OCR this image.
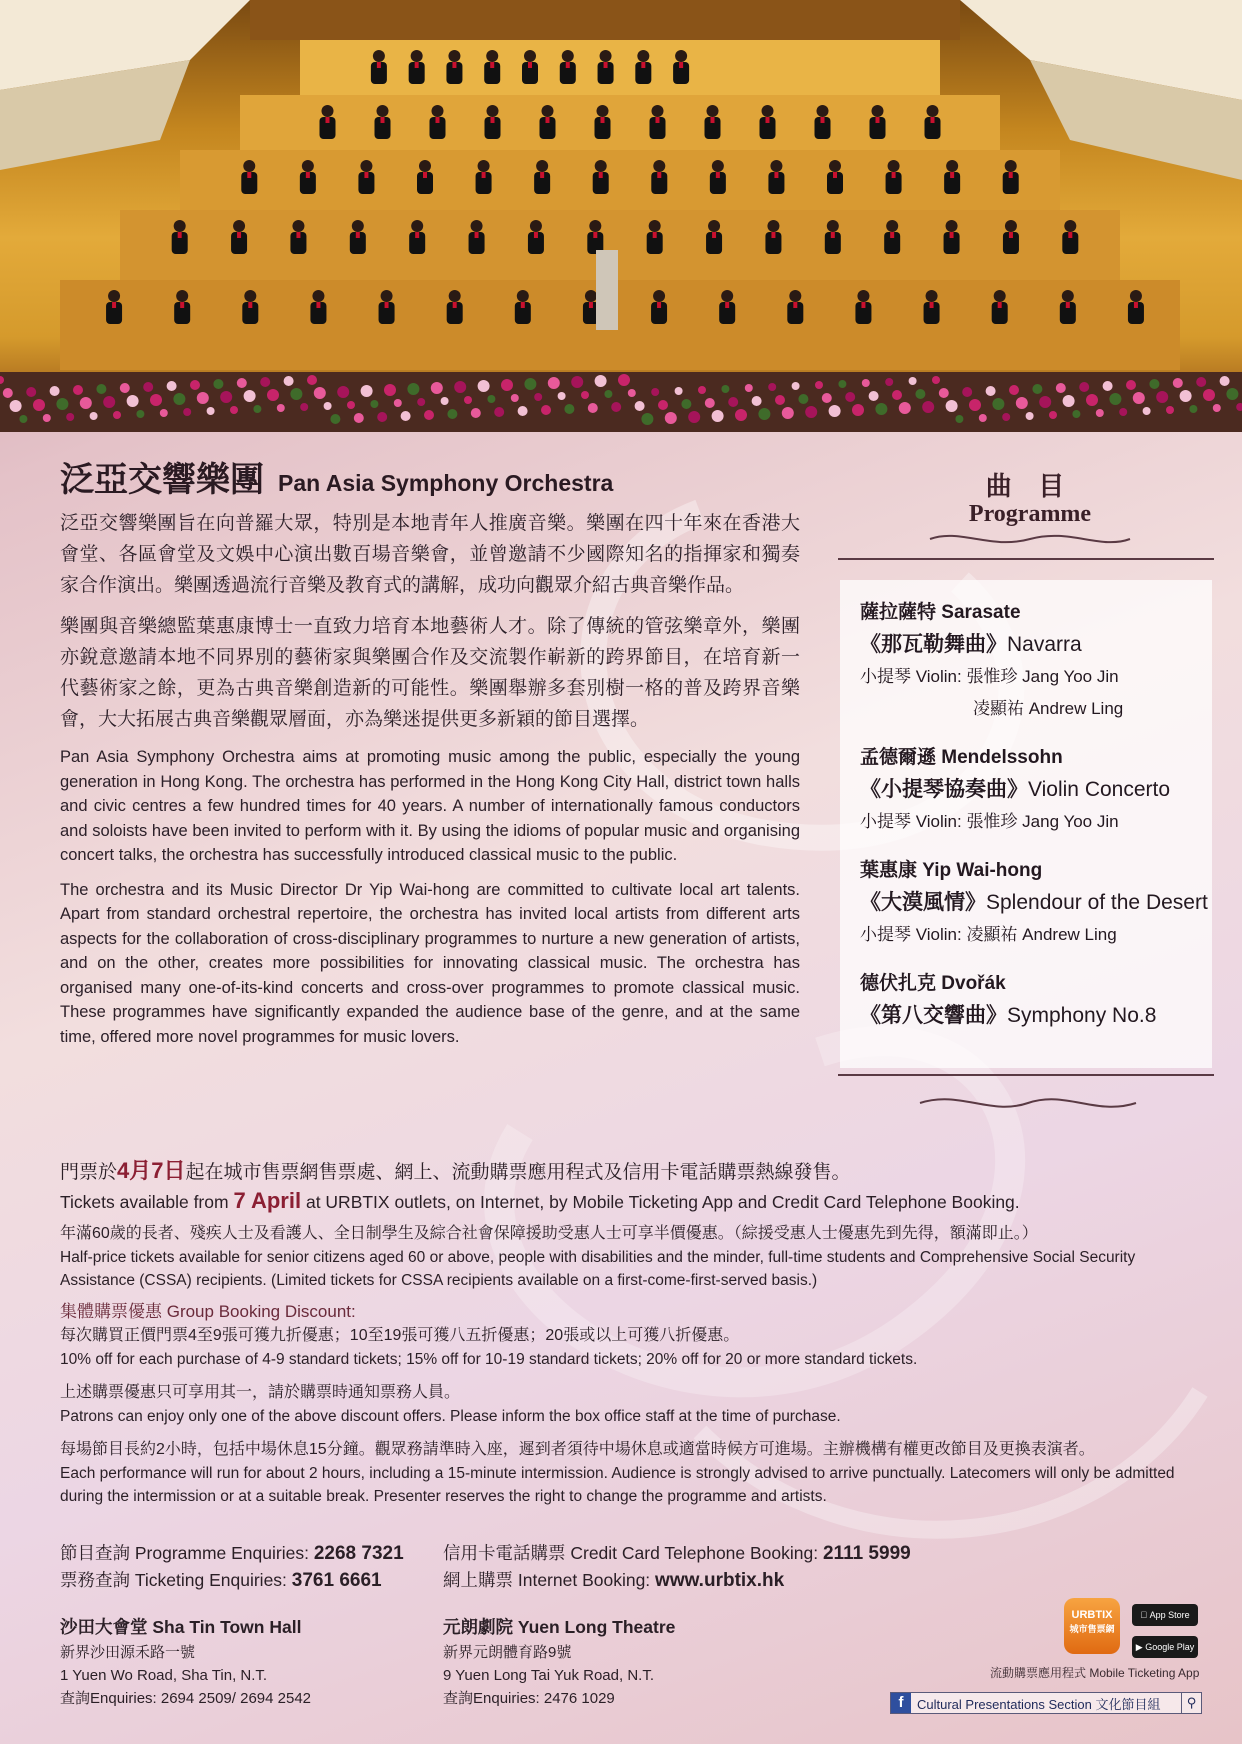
泛亞交響樂團 Pan Asia Symphony Orchestra

泛亞交響樂團旨在向普羅大眾，特別是本地青年人推廣音樂。樂團在四十年來在香港大會堂、各區會堂及文娛中心演出數百場音樂會，並曾邀請不少國際知名的指揮家和獨奏家合作演出。樂團透過流行音樂及教育式的講解，成功向觀眾介紹古典音樂作品。

樂團與音樂總監葉惠康博士一直致力培育本地藝術人才。除了傳統的管弦樂章外，樂團亦銳意邀請本地不同界別的藝術家與樂團合作及交流製作嶄新的跨界節目，在培育新一代藝術家之餘，更為古典音樂創造新的可能性。樂團舉辦多套別樹一格的普及跨界音樂會，大大拓展古典音樂觀眾層面，亦為樂迷提供更多新穎的節目選擇。

Pan Asia Symphony Orchestra aims at promoting music among the public, especially the young generation in Hong Kong. The orchestra has performed in the Hong Kong City Hall, district town halls and civic centres a few hundred times for 40 years. A number of internationally famous conductors and soloists have been invited to perform with it. By using the idioms of popular music and organising concert talks, the orchestra has successfully introduced classical music to the public.

The orchestra and its Music Director Dr Yip Wai-hong are committed to cultivate local art talents. Apart from standard orchestral repertoire, the orchestra has invited local artists from different arts aspects for the collaboration of cross-disciplinary programmes to nurture a new generation of artists, and on the other, creates more possibilities for innovating classical music. The orchestra has organised many one-of-its-kind concerts and cross-over programmes to promote classical music. These programmes have significantly expanded the audience base of the genre, and at the same time, offered more novel programmes for music lovers.

曲 目
Programme
薩拉薩特 Sarasate
《那瓦勒舞曲》Navarra
小提琴 Violin: 張惟珍 Jang Yoo Jin
凌顯祐 Andrew Ling
孟德爾遜 Mendelssohn
《小提琴協奏曲》Violin Concerto
小提琴 Violin: 張惟珍 Jang Yoo Jin
葉惠康 Yip Wai-hong
《大漠風情》Splendour of the Desert
小提琴 Violin: 凌顯祐 Andrew Ling
德伏扎克 Dvořák
《第八交響曲》Symphony No.8
門票於4月7日起在城市售票網售票處、網上、流動購票應用程式及信用卡電話購票熱線發售。
Tickets available from 7 April at URBTIX outlets, on Internet, by Mobile Ticketing App and Credit Card Telephone Booking.
年滿60歲的長者、殘疾人士及看護人、全日制學生及綜合社會保障援助受惠人士可享半價優惠。（綜援受惠人士優惠先到先得，額滿即止。）
Half-price tickets available for senior citizens aged 60 or above, people with disabilities and the minder, full-time students and Comprehensive Social Security Assistance (CSSA) recipients. (Limited tickets for CSSA recipients available on a first-come-first-served basis.)
集體購票優惠 Group Booking Discount:
每次購買正價門票4至9張可獲九折優惠；10至19張可獲八五折優惠；20張或以上可獲八折優惠。
10% off for each purchase of 4-9 standard tickets; 15% off for 10-19 standard tickets; 20% off for 20 or more standard tickets.
上述購票優惠只可享用其一，請於購票時通知票務人員。
Patrons can enjoy only one of the above discount offers. Please inform the box office staff at the time of purchase.
每場節目長約2小時，包括中場休息15分鐘。觀眾務請準時入座，遲到者須待中場休息或適當時候方可進場。主辦機構有權更改節目及更換表演者。
Each performance will run for about 2 hours, including a 15-minute intermission. Audience is strongly advised to arrive punctually. Latecomers will only be admitted during the intermission or at a suitable break. Presenter reserves the right to change the programme and artists.
節目查詢 Programme Enquiries: 2268 7321
票務查詢 Ticketing Enquiries: 3761 6661
信用卡電話購票 Credit Card Telephone Booking: 2111 5999
網上購票 Internet Booking: www.urbtix.hk
沙田大會堂 Sha Tin Town Hall
新界沙田源禾路一號
1 Yuen Wo Road, Sha Tin, N.T.
查詢Enquiries: 2694 2509/ 2694 2542
元朗劇院 Yuen Long Theatre
新界元朗體育路9號
9 Yuen Long Tai Yuk Road, N.T.
查詢Enquiries: 2476 1029
URBTIX
城市售票網
App Store
▶ Google Play
流動購票應用程式 Mobile Ticketing App
f	Cultural Presentations Section 文化節目組	⚲
